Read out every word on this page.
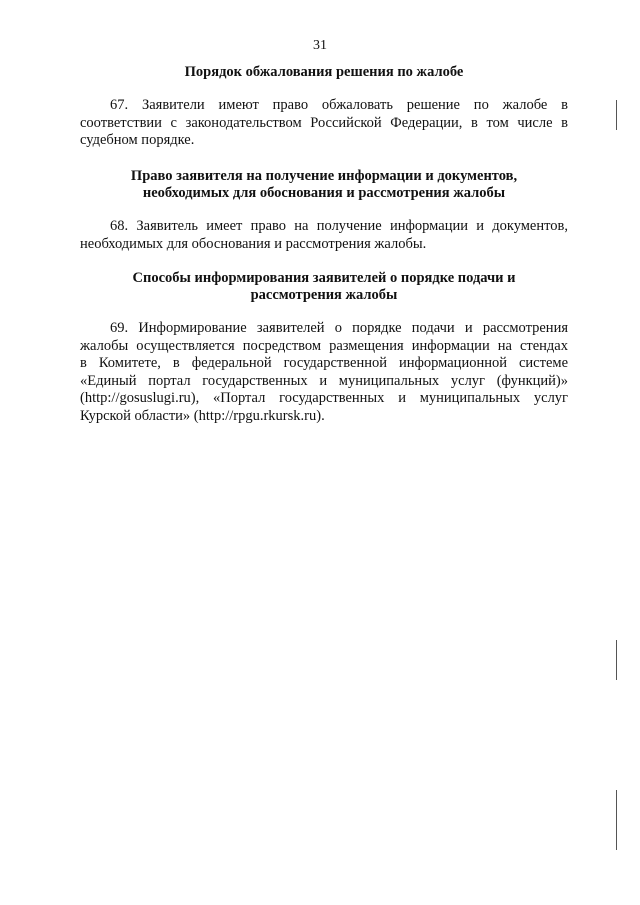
31
Порядок обжалования решения по жалобе
67. Заявители имеют право обжаловать решение по жалобе в
соответствии с законодательством Российской Федерации, в том числе в
судебном порядке.
Право заявителя на получение информации и документов,
необходимых для обоснования и рассмотрения жалобы
68. Заявитель имеет право на получение информации и документов,
необходимых для обоснования и рассмотрения жалобы.
Способы информирования заявителей о порядке подачи и
рассмотрения жалобы
69. Информирование заявителей о порядке подачи и рассмотрения
жалобы осуществляется посредством размещения информации на стендах
в Комитете, в федеральной государственной информационной системе
«Единый портал государственных и муниципальных услуг (функций)»
(http://gosuslugi.ru), «Портал государственных и муниципальных услуг
Курской области» (http://rpgu.rkursk.ru).
